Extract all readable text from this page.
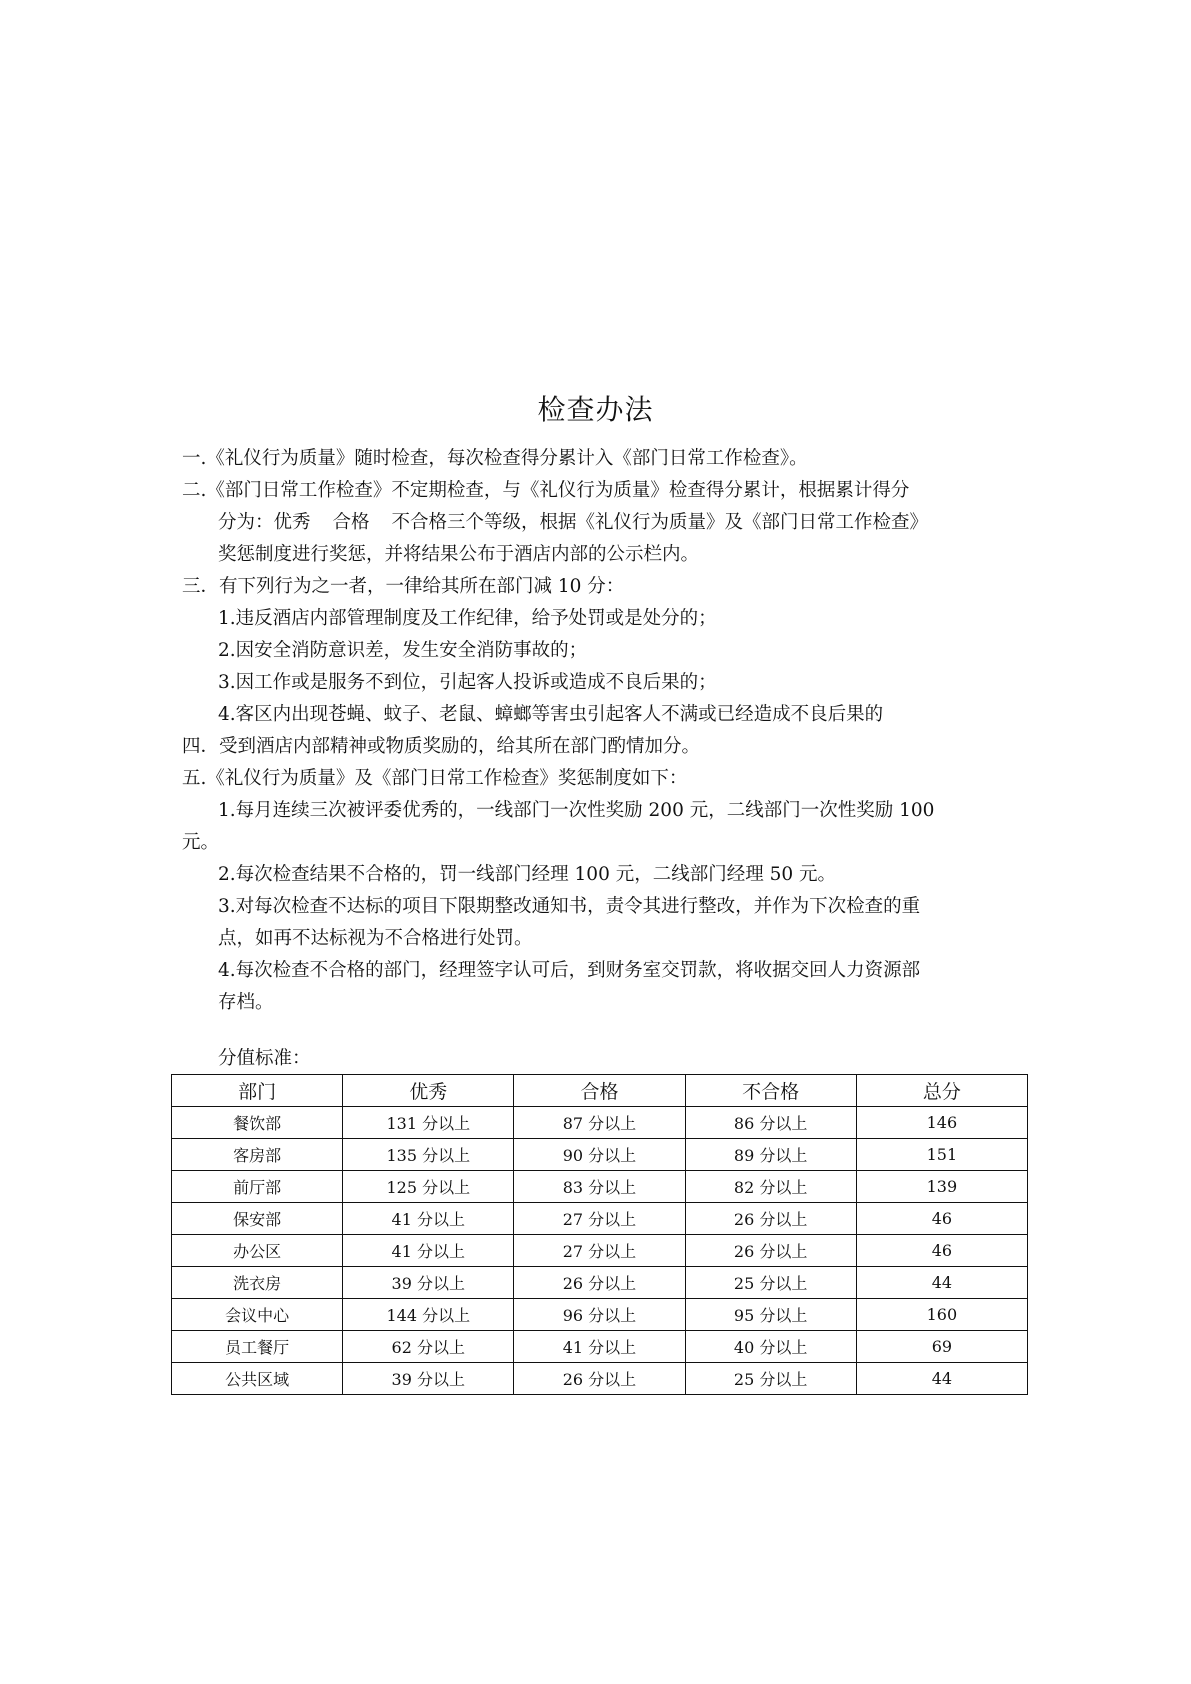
检查办法
一.《礼仪行为质量》随时检查，每次检查得分累计入《部门日常工作检查》。
二.《部门日常工作检查》不定期检查，与《礼仪行为质量》检查得分累计，根据累计得分
分为：优秀 合格 不合格三个等级，根据《礼仪行为质量》及《部门日常工作检查》
奖惩制度进行奖惩，并将结果公布于酒店内部的公示栏内。
三．有下列行为之一者，一律给其所在部门减 10 分：
1.违反酒店内部管理制度及工作纪律，给予处罚或是处分的；
2.因安全消防意识差，发生安全消防事故的；
3.因工作或是服务不到位，引起客人投诉或造成不良后果的；
4.客区内出现苍蝇、蚊子、老鼠、蟑螂等害虫引起客人不满或已经造成不良后果的
四．受到酒店内部精神或物质奖励的，给其所在部门酌情加分。
五.《礼仪行为质量》及《部门日常工作检查》奖惩制度如下：
1.每月连续三次被评委优秀的，一线部门一次性奖励 200 元，二线部门一次性奖励 100
元。
2.每次检查结果不合格的，罚一线部门经理 100 元，二线部门经理 50 元。
3.对每次检查不达标的项目下限期整改通知书，责令其进行整改，并作为下次检查的重
点，如再不达标视为不合格进行处罚。
4.每次检查不合格的部门，经理签字认可后，到财务室交罚款，将收据交回人力资源部
存档。
分值标准：
部门	优秀	合格	不合格	总分
餐饮部	131 分以上	87 分以上	86 分以上	146
客房部	135 分以上	90 分以上	89 分以上	151
前厅部	125 分以上	83 分以上	82 分以上	139
保安部	41 分以上	27 分以上	26 分以上	46
办公区	41 分以上	27 分以上	26 分以上	46
洗衣房	39 分以上	26 分以上	25 分以上	44
会议中心	144 分以上	96 分以上	95 分以上	160
员工餐厅	62 分以上	41 分以上	40 分以上	69
公共区域	39 分以上	26 分以上	25 分以上	44
